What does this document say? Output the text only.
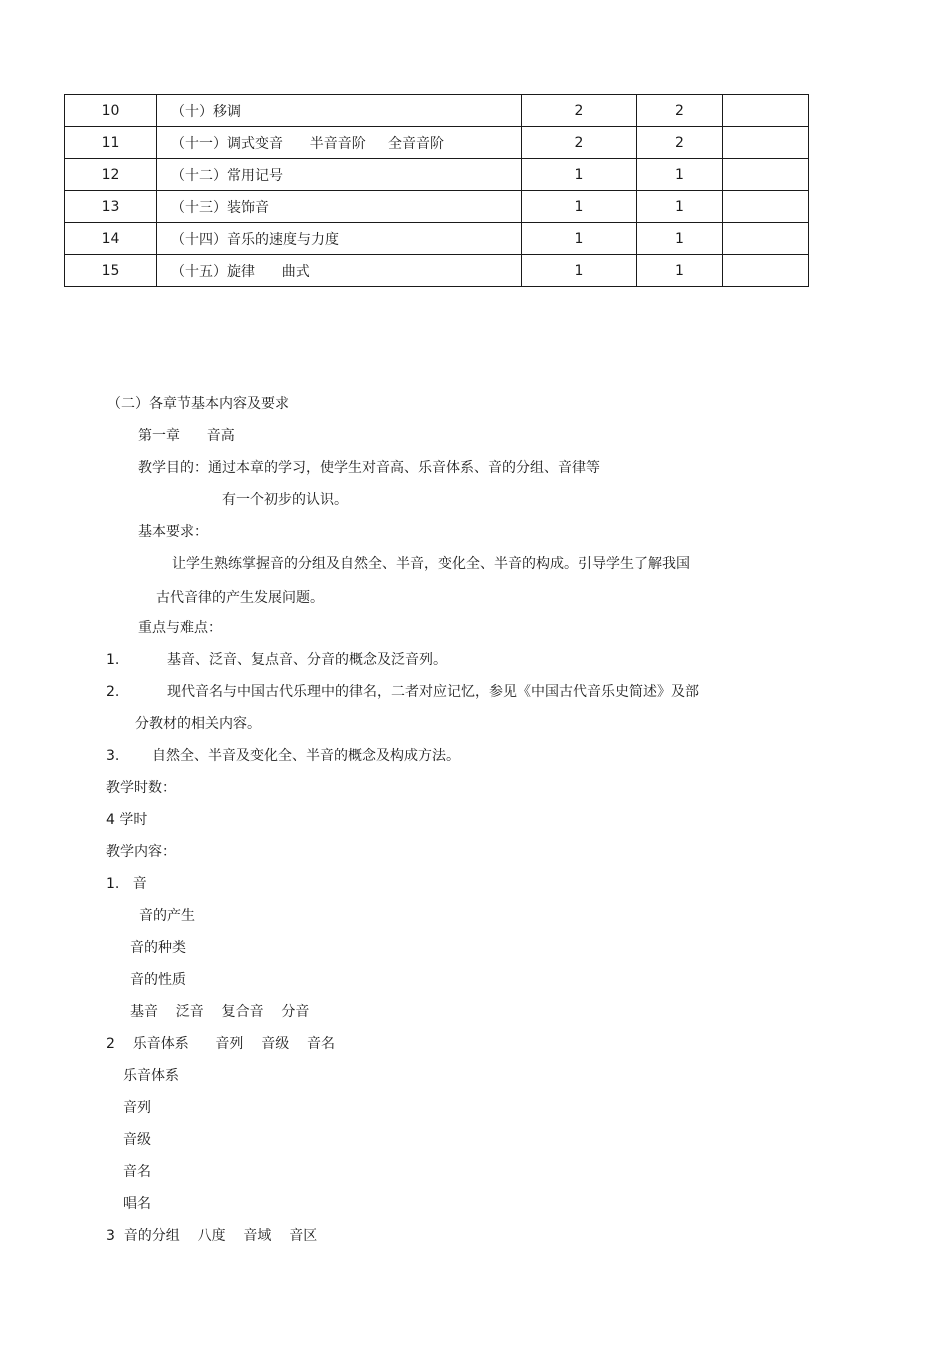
10	（十）移调	2	2	
11	（十一）调式变音      半音音阶     全音音阶	2	2	
12	（十二）常用记号	1	1	
13	（十三）装饰音	1	1	
14	（十四）音乐的速度与力度	1	1	
15	（十五）旋律      曲式	1	1	

（二）各章节基本内容及要求

第一章      音高

教学目的：通过本章的学习，使学生对音高、乐音体系、音的分组、音律等

有一个初步的认识。

基本要求：

让学生熟练掌握音的分组及自然全、半音，变化全、半音的构成。引导学生了解我国

古代音律的产生发展问题。

重点与难点：

1.	基音、泛音、复点音、分音的概念及泛音列。

2.	现代音名与中国古代乐理中的律名，二者对应记忆，参见《中国古代音乐史简述》及部

分教材的相关内容。

3. 自然全、半音及变化全、半音的概念及构成方法。

教学时数：

4 学时

教学内容：

1.   音

音的产生

音的种类

音的性质

基音    泛音    复合音    分音

2    乐音体系      音列    音级    音名

乐音体系

音列

音级

音名

唱名

3  音的分组    八度    音域    音区
